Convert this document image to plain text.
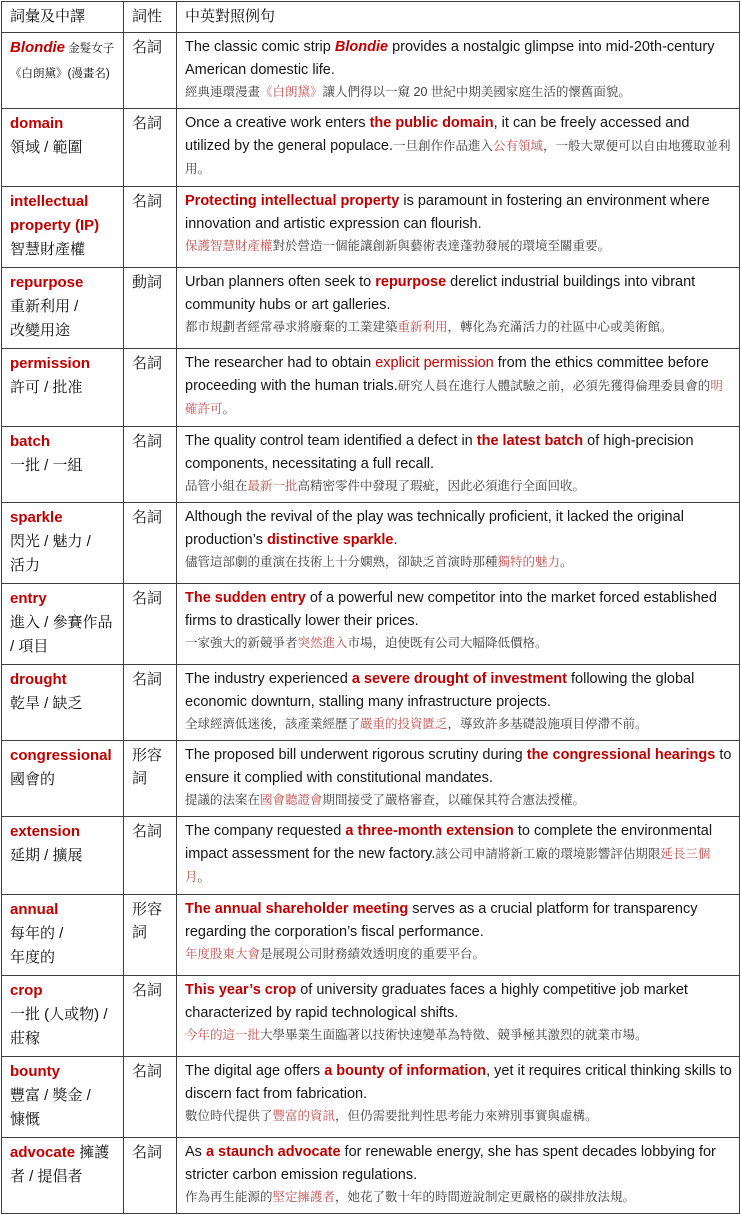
詞彙及中譯	詞性	中英對照例句
Blondie 金髮女子
《白朗黛》(漫畫名)	名詞	The classic comic strip Blondie provides a nostalgic glimpse into mid-20th-century American domestic life.
經典連環漫畫《白朗黛》讓人們得以一窺 20 世紀中期美國家庭生活的懷舊面貌。

domain
領域 / 範圍	名詞	Once a creative work enters the public domain, it can be freely accessed and utilized by the general populace.一旦創作作品進入公有領域，一般大眾便可以自由地獲取並利用。

intellectual property (IP)
智慧財產權	名詞	Protecting intellectual property is paramount in fostering an environment where innovation and artistic expression can flourish.
保護智慧財產權對於營造一個能讓創新與藝術表達蓬勃發展的環境至關重要。

repurpose
重新利用 /
改變用途	動詞	Urban planners often seek to repurpose derelict industrial buildings into vibrant community hubs or art galleries.
都市規劃者經常尋求將廢棄的工業建築重新利用，轉化為充滿活力的社區中心或美術館。

permission
許可 / 批准	名詞	The researcher had to obtain explicit permission from the ethics committee before proceeding with the human trials.研究人員在進行人體試驗之前，必須先獲得倫理委員會的明確許可。

batch
一批 / 一組	名詞	The quality control team identified a defect in the latest batch of high-precision components, necessitating a full recall.
品管小組在最新一批高精密零件中發現了瑕疵，因此必須進行全面回收。

sparkle
閃光 / 魅力 /
活力	名詞	Although the revival of the play was technically proficient, it lacked the original production’s distinctive sparkle.
儘管這部劇的重演在技術上十分嫻熟，卻缺乏首演時那種獨特的魅力。

entry
進入 / 參賽作品 / 項目	名詞	The sudden entry of a powerful new competitor into the market forced established firms to drastically lower their prices.
一家強大的新競爭者突然進入市場，迫使既有公司大幅降低價格。

drought
乾旱 / 缺乏	名詞	The industry experienced a severe drought of investment following the global economic downturn, stalling many infrastructure projects.
全球經濟低迷後，該產業經歷了嚴重的投資匱乏，導致許多基礎設施項目停滯不前。

congressional
國會的	形容詞	
The proposed bill underwent rigorous scrutiny during the congressional hearings to ensure it complied with constitutional mandates.
提議的法案在國會聽證會期間接受了嚴格審查，以確保其符合憲法授權。

extension
延期 / 擴展	名詞	The company requested a three-month extension to complete the environmental impact assessment for the new factory.該公司申請將新工廠的環境影響評估期限延長三個月。

annual
每年的 /
年度的	形容詞	
The annual shareholder meeting serves as a crucial platform for transparency regarding the corporation’s fiscal performance.
年度股東大會是展現公司財務績效透明度的重要平台。

crop
一批 (人或物) /
莊稼	名詞	This year’s crop of university graduates faces a highly competitive job market characterized by rapid technological shifts.
今年的這一批大學畢業生面臨著以技術快速變革為特徵、競爭極其激烈的就業市場。

bounty
豐富 / 獎金 /
慷慨	名詞	The digital age offers a bounty of information, yet it requires critical thinking skills to discern fact from fabrication.
數位時代提供了豐富的資訊，但仍需要批判性思考能力來辨別事實與虛構。

advocate 擁護者 / 提倡者	名詞	As a staunch advocate for renewable energy, she has spent decades lobbying for stricter carbon emission regulations.
作為再生能源的堅定擁護者，她花了數十年的時間遊說制定更嚴格的碳排放法規。
